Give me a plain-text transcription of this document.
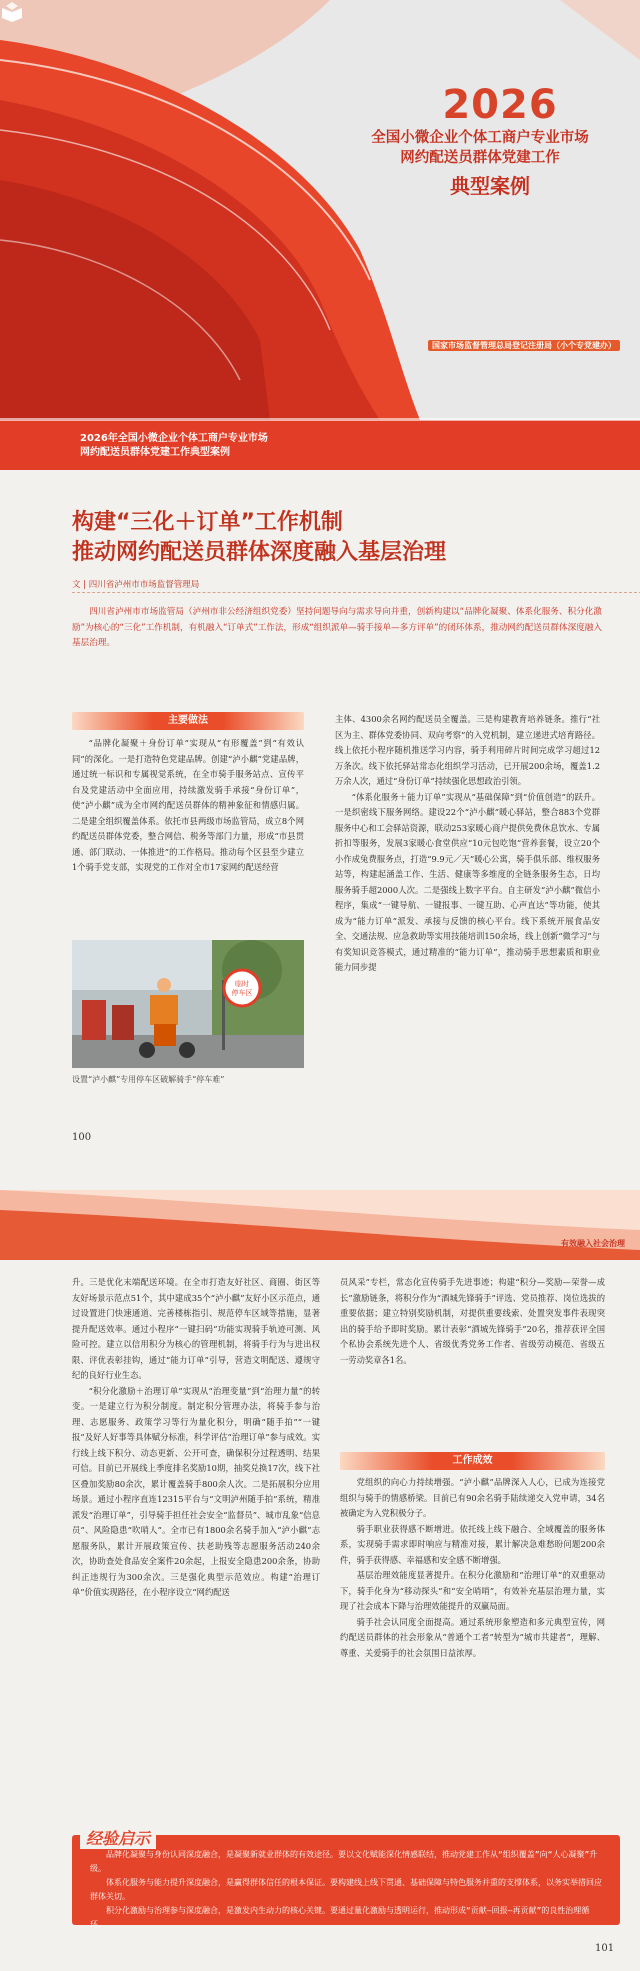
2026
全国小微企业个体工商户专业市场
网约配送员群体党建工作
典型案例
国家市场监督管理总局登记注册局（小个专党建办）
2026年全国小微企业个体工商户专业市场
网约配送员群体党建工作典型案例
构建“三化＋订单”工作机制
推动网约配送员群体深度融入基层治理
文 | 四川省泸州市市场监督管理局
四川省泸州市市场监管局（泸州市非公经济组织党委）坚持问题导向与需求导向并重，创新构建以“品牌化凝聚、体系化服务、积分化激励”为核心的“三化”工作机制，有机融入“订单式”工作法，形成“组织派单—骑手接单—多方评单”的闭环体系，推动网约配送员群体深度融入基层治理。
主要做法

“品牌化凝聚＋身份订单”实现从“有形覆盖”到“有效认同”的深化。一是打造特色党建品牌。创建“泸小麒”党建品牌，通过统一标识和专属视觉系统，在全市骑手服务站点、宣传平台及党建活动中全面应用，持续激发骑手承接“身份订单”，使“泸小麒”成为全市网约配送员群体的精神象征和情感归属。二是建全组织覆盖体系。依托市县两级市场监管局，成立8个网约配送员群体党委，整合网信、税务等部门力量，形成“市县贯通、部门联动、一体推进”的工作格局。推动每个区县至少建立1个骑手党支部，实现党的工作对全市17家网约配送经营

临时
停车区
设置“泸小麒”专用停车区破解骑手“停车难”

主体、4300余名网约配送员全覆盖。三是构建教育培养链条。推行“社区为主、群体党委协同、双向考察”的入党机制，建立递进式培育路径。线上依托小程序随机推送学习内容，骑手利用碎片时间完成学习超过12万条次。线下依托驿站常态化组织学习活动，已开展200余场，覆盖1.2万余人次，通过“身份订单”持续强化思想政治引领。

“体系化服务＋能力订单”实现从“基础保障”到“价值创造”的跃升。一是织密线下服务网络。建设22个“泸小麒”暖心驿站，整合883个党群服务中心和工会驿站资源，联动253家暖心商户提供免费休息饮水、专属折扣等服务，发展3家暖心食堂供应“10元包吃饱”营养套餐，设立20个小作成兔费服务点，打造“9.9元／天”暖心公寓，骑手俱乐部、维权服务站等，构建起涵盖工作、生活、健康等多维度的全链条服务生态，日均服务骑手超2000人次。二是强线上数字平台。自主研发“泸小麒”微信小程序，集成“一键导航、一键报事、一键互助、心声直达”等功能，使其成为“能力订单”派发、承接与反馈的核心平台。线下系统开展食品安全、交通法规、应急救助等实用技能培训150余场，线上创新“微学习”与有奖知识竞答模式，通过精准的“能力订单”，推动骑手思想素质和职业能力同步提

100
有效融入社会治理

升。三是优化末端配送环境。在全市打造友好社区、商圈、街区等友好场景示范点51个，其中建成35个“泸小麒”友好小区示范点，通过设置进门快速通道、完善楼栋指引、规范停车区域等措施，显著提升配送效率。通过小程序“一键扫码”功能实现骑手轨迹可测、风险可控。建立以信用积分为核心的管理机制，将骑手行为与进出权限、评优表彰挂钩，通过“能力订单”引导，营造文明配送、遵规守纪的良好行业生态。

“积分化激励＋治理订单”实现从“治理变量”到“治理力量”的转变。一是建立行为积分制度。制定积分管理办法，将骑手参与治理、志愿服务、政策学习等行为量化积分，明确“随手拍”“一键报”及好人好事等具体赋分标准，科学评估“治理订单”参与成效。实行线上线下积分、动态更新、公开可查，确保积分过程透明、结果可信。目前已开展线上季度排名奖励10期，抽奖兑换17次，线下社区叠加奖励80余次，累计覆盖骑手800余人次。二是拓展积分应用场景。通过小程序直连12315平台与“文明泸州随手拍”系统，精准派发“治理订单”，引导骑手担任社会安全“监督员”、城市乱象“信息员”、风险隐患“吹哨人”。全市已有1800余名骑手加入“泸小麒”志愿服务队，累计开展政策宣传、扶老助残等志愿服务活动240余次，协助查处食品安全案件20余起，上报安全隐患200余条，协助纠正违规行为300余次。三是强化典型示范效应。构建“治理订单”价值实现路径，在小程序设立“网约配送

员风采”专栏，常态化宣传骑手先进事迹；构建“积分—奖励—荣誉—成长”激励链条，将积分作为“酒城先锋骑手”评选、党员推荐、岗位选拔的重要依据；建立特别奖励机制，对提供重要线索、处置突发事件表现突出的骑手给予即时奖励。累计表彰“酒城先锋骑手”20名，推荐获评全国个私协会系统先进个人、省级优秀党务工作者、省级劳动模范、省级五一劳动奖章各1名。

工作成效

党组织的向心力持续增强。“泸小麒”品牌深入人心，已成为连接党组织与骑手的情感桥梁。目前已有90余名骑手陆续递交入党申请，34名被确定为入党积极分子。

骑手职业获得感不断增进。依托线上线下融合、全域覆盖的服务体系，实现骑手需求即时响应与精准对接，累计解决急难愁盼问题200余件，骑手获得感、幸福感和安全感不断增强。

基层治理效能度显著提升。在积分化激励和“治理订单”的双重驱动下，骑手化身为“移动探头”和“安全哨哨”，有效补充基层治理力量，实现了社会成本下降与治理效能提升的双赢局面。

骑手社会认同度全面提高。通过系统形象塑造和多元典型宣传，网约配送员群体的社会形象从“普通个工者”转型为“城市共建者”，理解、尊重、关爱骑手的社会氛围日益浓厚。

经验启示

品牌化凝聚与身份认同深度融合，是凝聚新就业群体的有效途径。要以文化赋能深化情感联结，推动党建工作从“组织覆盖”向“人心凝聚”升级。

体系化服务与能力提升深度融合，是赢得群体信任的根本保证。要构建线上线下贯通、基础保障与特色服务并重的支撑体系，以务实举措回应群体关切。

积分化激励与治理参与深度融合，是激发内生动力的核心关键。要通过量化激励与透明运行，推动形成“贡献—回报—再贡献”的良性治理循环。

101
